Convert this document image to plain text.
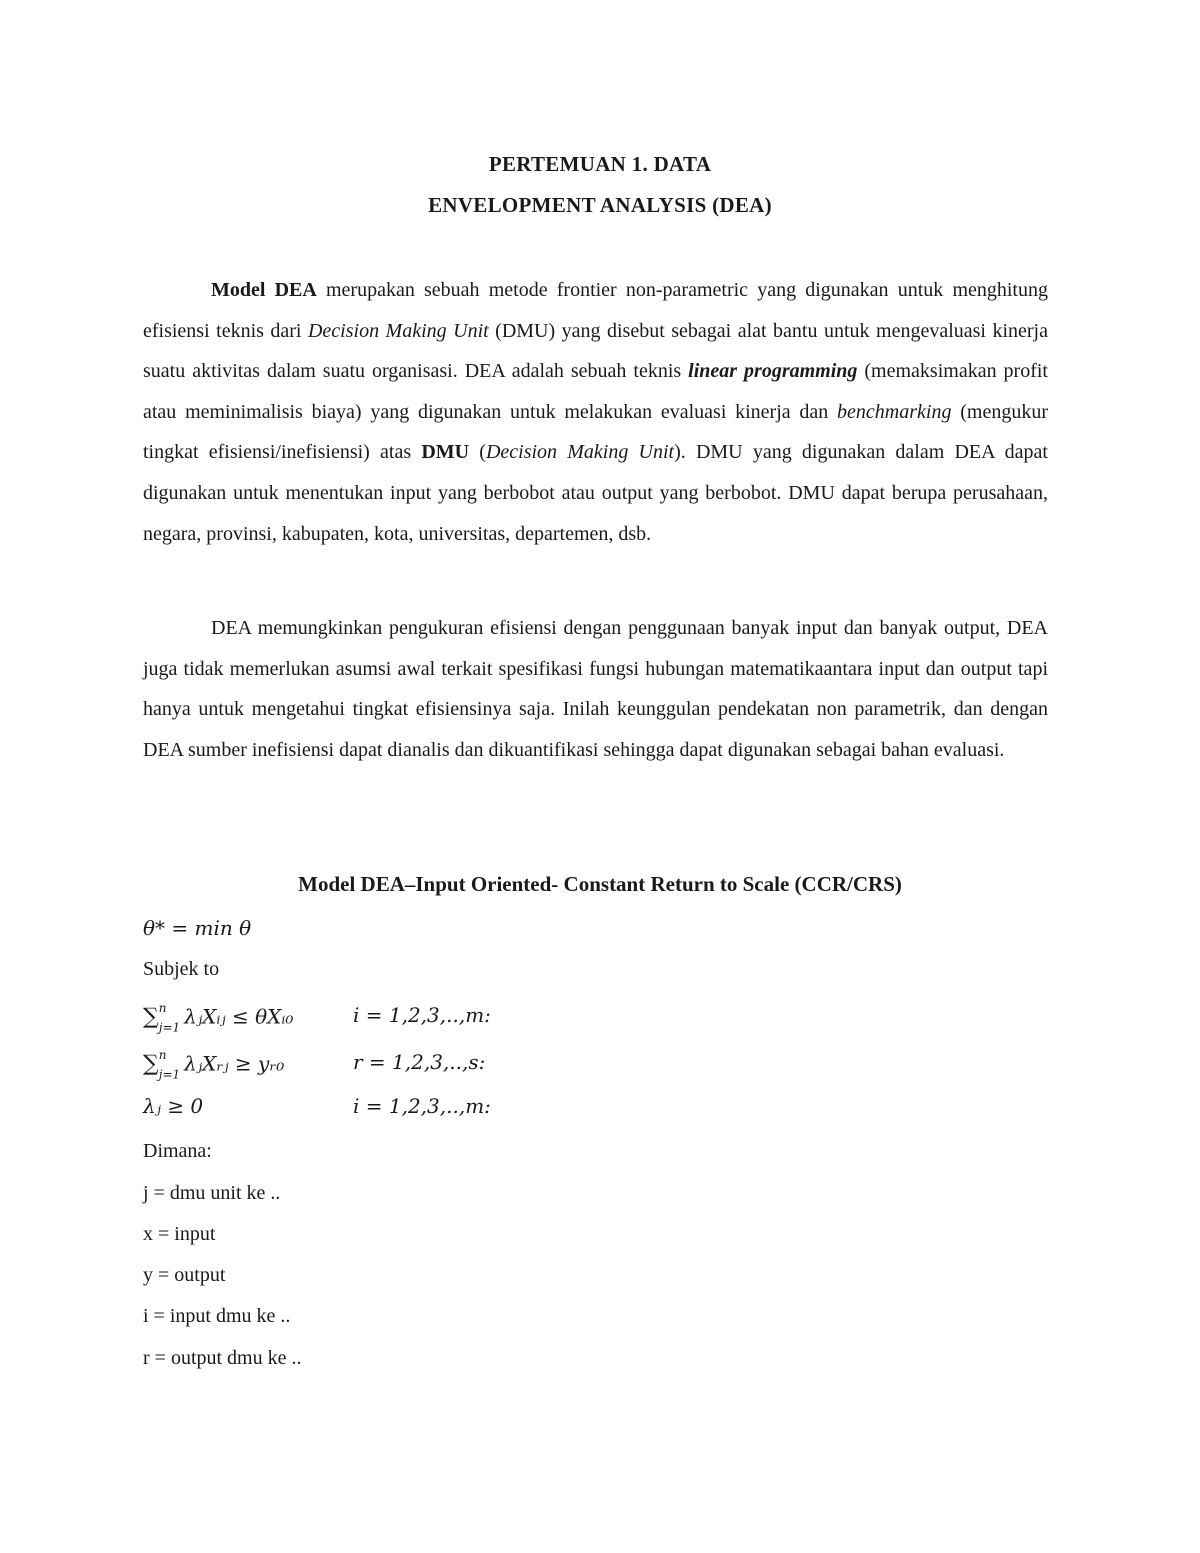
PERTEMUAN 1. DATA
ENVELOPMENT ANALYSIS (DEA)

Model DEA merupakan sebuah metode frontier non-parametric yang digunakan untuk menghitung efisiensi teknis dari Decision Making Unit (DMU) yang disebut sebagai alat bantu untuk mengevaluasi kinerja suatu aktivitas dalam suatu organisasi. DEA adalah sebuah teknis linear programming (memaksimakan profit atau meminimalisis biaya) yang digunakan untuk melakukan evaluasi kinerja dan benchmarking (mengukur tingkat efisiensi/inefisiensi) atas DMU (Decision Making Unit). DMU yang digunakan dalam DEA dapat digunakan untuk menentukan input yang berbobot atau output yang berbobot. DMU dapat berupa perusahaan, negara, provinsi, kabupaten, kota, universitas, departemen, dsb.

DEA memungkinkan pengukuran efisiensi dengan penggunaan banyak input dan banyak output, DEA juga tidak memerlukan asumsi awal terkait spesifikasi fungsi hubungan matematikaantara input dan output tapi hanya untuk mengetahui tingkat efisiensinya saja. Inilah keunggulan pendekatan non parametrik, dan dengan DEA sumber inefisiensi dapat dianalis dan dikuantifikasi sehingga dapat digunakan sebagai bahan evaluasi.

Model DEA–Input Oriented- Constant Return to Scale (CCR/CRS)
θ* = min θ
Subjek to
∑$^n$
$_{j=1}$ λⱼXᵢⱼ ≤ θXᵢ₀	i = 1,2,3,..,m:
∑$^n$
$_{j=1}$ λⱼXᵣⱼ ≥ yᵣ₀	r = 1,2,3,..,s:
λⱼ ≥ 0	i = 1,2,3,..,m:
Dimana:
j = dmu unit ke ..
x = input
y = output
i = input dmu ke ..
r = output dmu ke ..
